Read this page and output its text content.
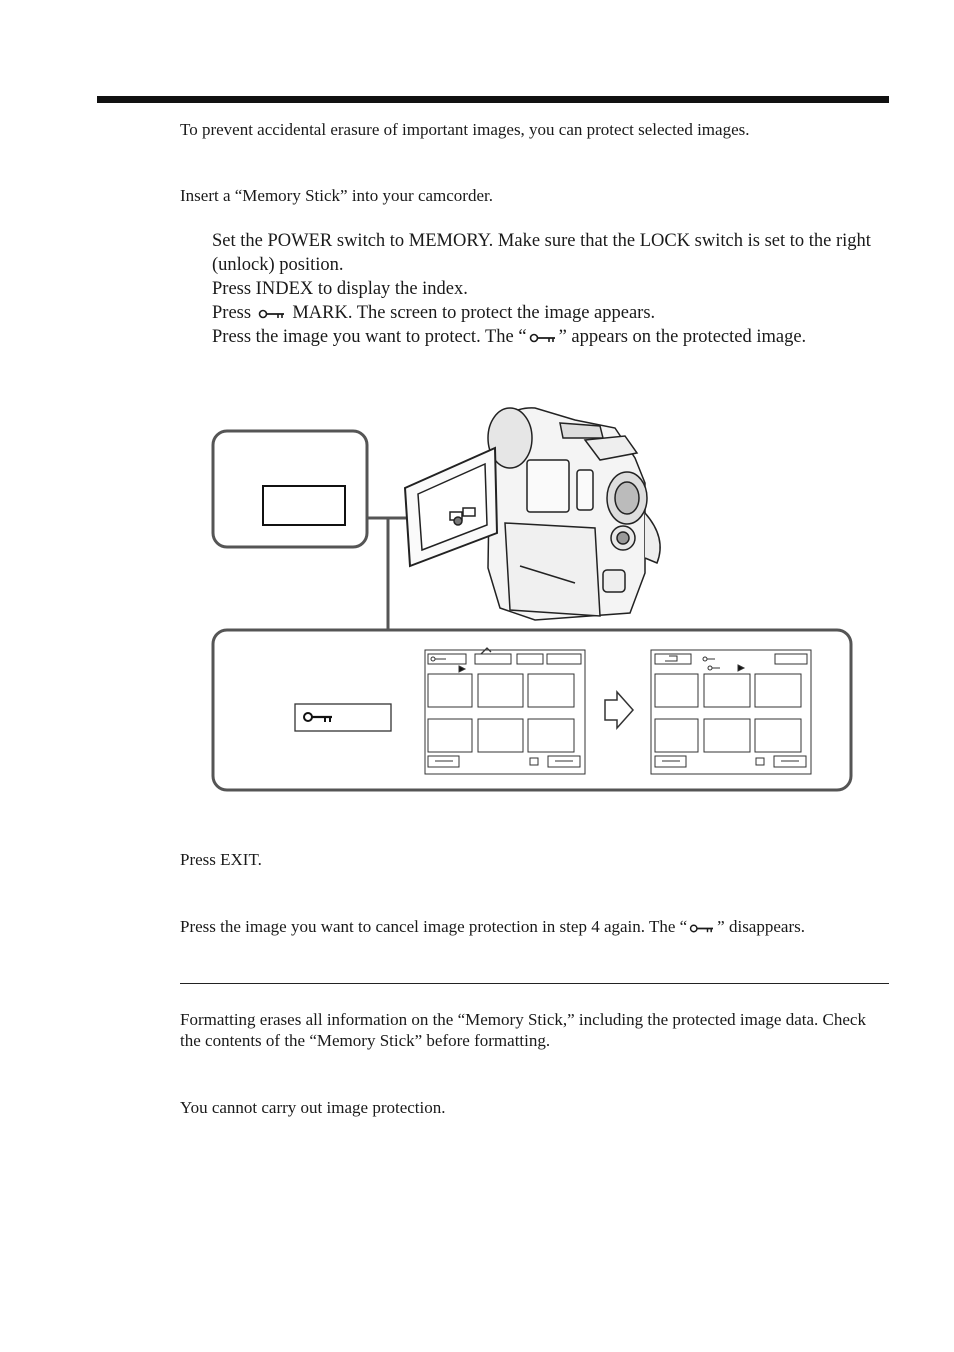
To prevent accidental erasure of important images, you can protect selected images.

Insert a “Memory Stick” into your camcorder.

Set the POWER switch to MEMORY. Make sure that the LOCK switch is set to the right (unlock) position.
Press INDEX to display the index.
Press MARK. The screen to protect the image appears.
Press the image you want to protect. The “ ” appears on the protected image.

Press EXIT.

Press the image you want to cancel image protection in step 4 again. The “ ” disappears.

Formatting erases all information on the “Memory Stick,” including the protected image data. Check the contents of the “Memory Stick” before formatting.

You cannot carry out image protection.
